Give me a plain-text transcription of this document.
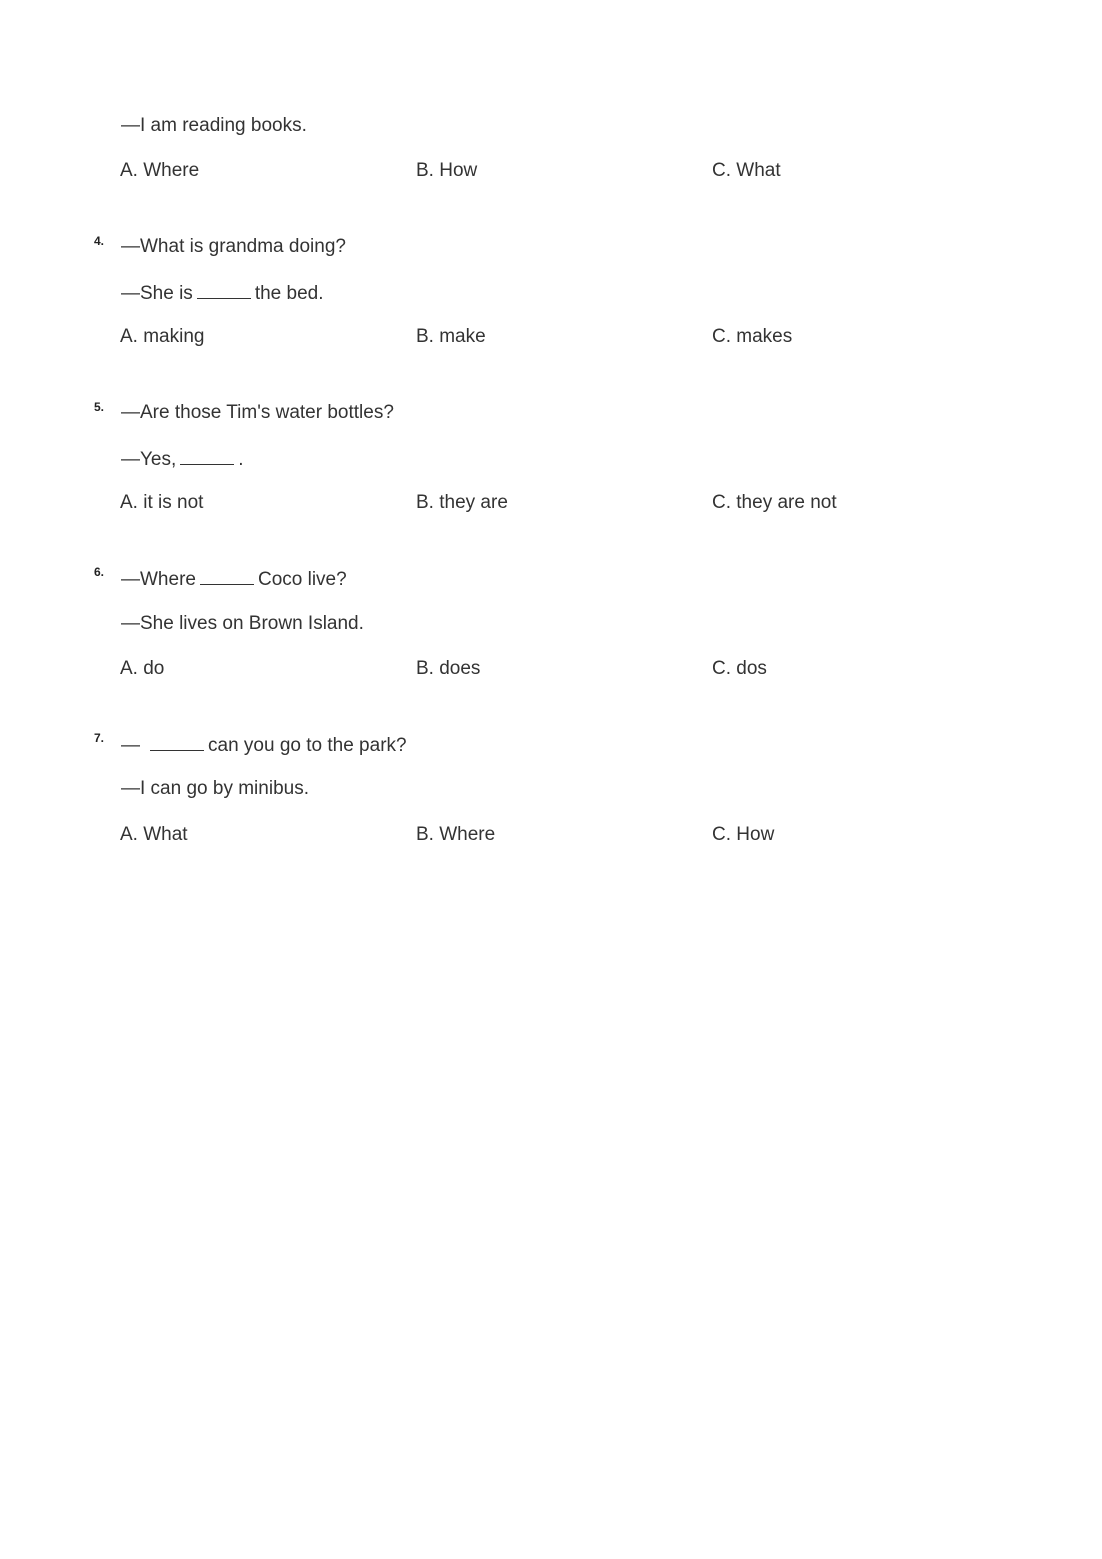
—I am reading books.
A. Where	B. How	C. What
4. —What is grandma doing?
—She is	the bed.
A. making	B. make	C. makes
5. —Are those Tim's water bottles?
—Yes,	.
A. it is not	B. they are	C. they are not
6. —Where	Coco live?
—She lives on Brown Island.
A. do	B. does	C. dos
7. —	can you go to the park?
—I can go by minibus.
A. What	B. Where	C. How
